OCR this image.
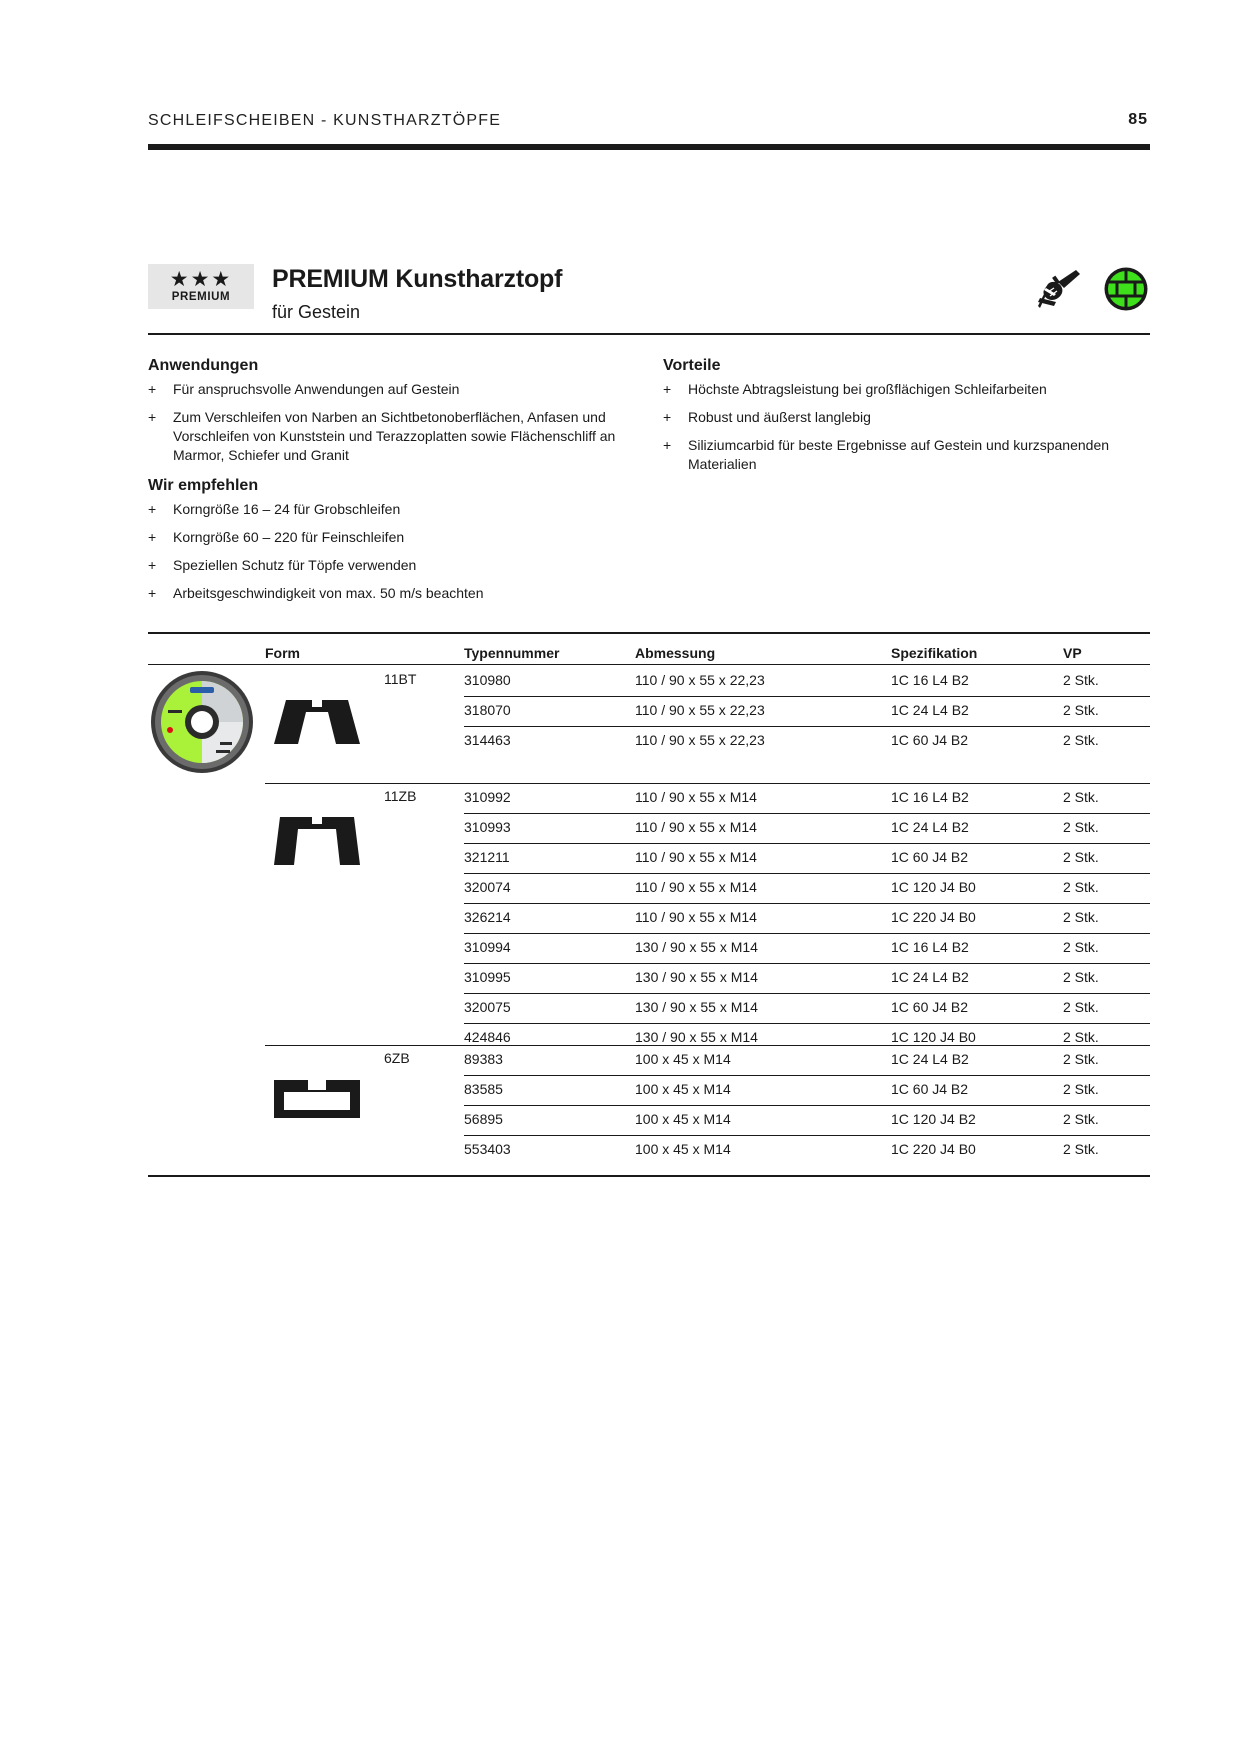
SCHLEIFSCHEIBEN - KUNSTHARZTÖPFE	85
★★★
PREMIUM
PREMIUM Kunstharztopf
für Gestein
Anwendungen
+ Für anspruchsvolle Anwendungen auf Gestein
+ Zum Verschleifen von Narben an Sichtbetonoberflächen, Anfasen und Vorschleifen von Kunststein und Terazzoplatten sowie Flächenschliff an Marmor, Schiefer und Granit
Wir empfehlen
+ Korngröße 16 – 24 für Grobschleifen
+ Korngröße 60 – 220 für Feinschleifen
+ Speziellen Schutz für Töpfe verwenden
+ Arbeitsgeschwindigkeit von max. 50 m/s beachten
Vorteile
+ Höchste Abtragsleistung bei großflächigen Schleifarbeiten
+ Robust und äußerst langlebig
+ Siliziumcarbid für beste Ergebnisse auf Gestein und kurzspanenden Materialien
Form	Typennummer	Abmessung	Spezifikation	VP
11BT	310980	110 / 90 x 55 x 22,23	1C 16 L4 B2	2 Stk.
318070	110 / 90 x 55 x 22,23	1C 24 L4 B2	2 Stk.
314463	110 / 90 x 55 x 22,23	1C 60 J4 B2	2 Stk.
11ZB	310992	110 / 90 x 55 x M14	1C 16 L4 B2	2 Stk.
310993	110 / 90 x 55 x M14	1C 24 L4 B2	2 Stk.
321211	110 / 90 x 55 x M14	1C 60 J4 B2	2 Stk.
320074	110 / 90 x 55 x M14	1C 120 J4 B0	2 Stk.
326214	110 / 90 x 55 x M14	1C 220 J4 B0	2 Stk.
310994	130 / 90 x 55 x M14	1C 16 L4 B2	2 Stk.
310995	130 / 90 x 55 x M14	1C 24 L4 B2	2 Stk.
320075	130 / 90 x 55 x M14	1C 60 J4 B2	2 Stk.
424846	130 / 90 x 55 x M14	1C 120 J4 B0	2 Stk.
6ZB	89383	100 x 45 x M14	1C 24 L4 B2	2 Stk.
83585	100 x 45 x M14	1C 60 J4 B2	2 Stk.
56895	100 x 45 x M14	1C 120 J4 B2	2 Stk.
553403	100 x 45 x M14	1C 220 J4 B0	2 Stk.
